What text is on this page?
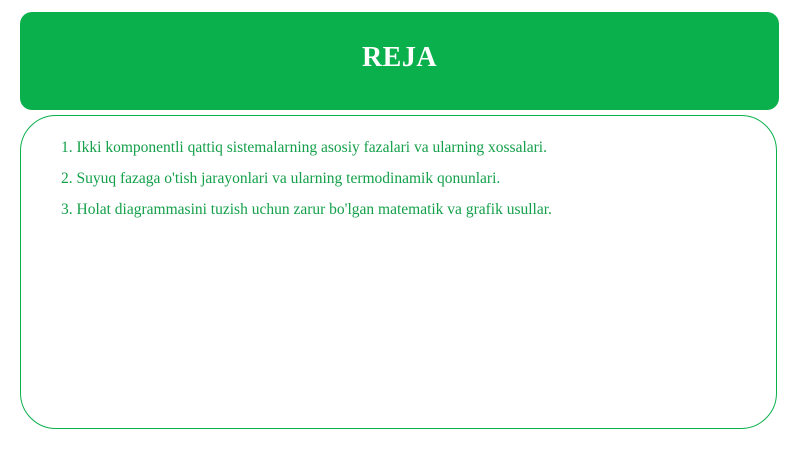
REJA
1. Ikki komponentli qattiq sistemalarning asosiy fazalari va ularning xossalari.
2. Suyuq fazaga o'tish jarayonlari va ularning termodinamik qonunlari.
3. Holat diagrammasini tuzish uchun zarur bo'lgan matematik va grafik usullar.
